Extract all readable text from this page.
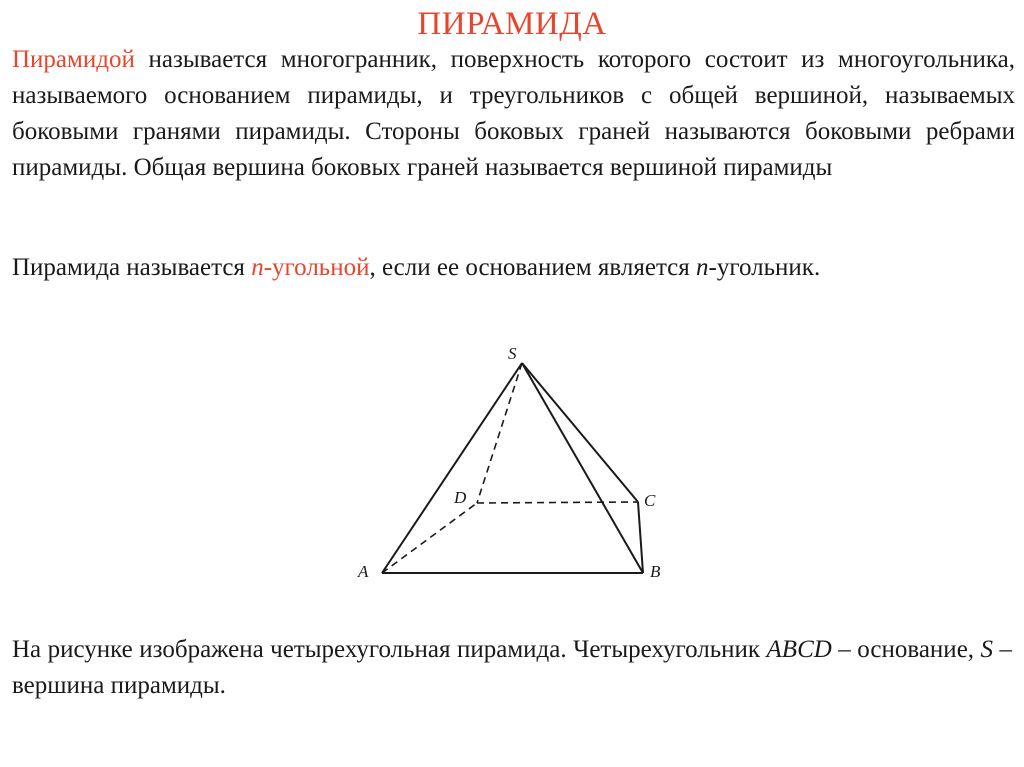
ПИРАМИДА
Пирамидой называется многогранник, поверхность которого состоит из многоугольника, называемого основанием пирамиды, и треугольников с общей вершиной, называемых боковыми гранями пирамиды. Стороны боковых граней называются боковыми ребрами пирамиды. Общая вершина боковых граней называется вершиной пирамиды
Пирамида называется n-угольной, если ее основанием является n-угольник.
S
A	B
C
D
На рисунке изображена четырехугольная пирамида. Четырехугольник ABCD – основание, S – вершина пирамиды.
